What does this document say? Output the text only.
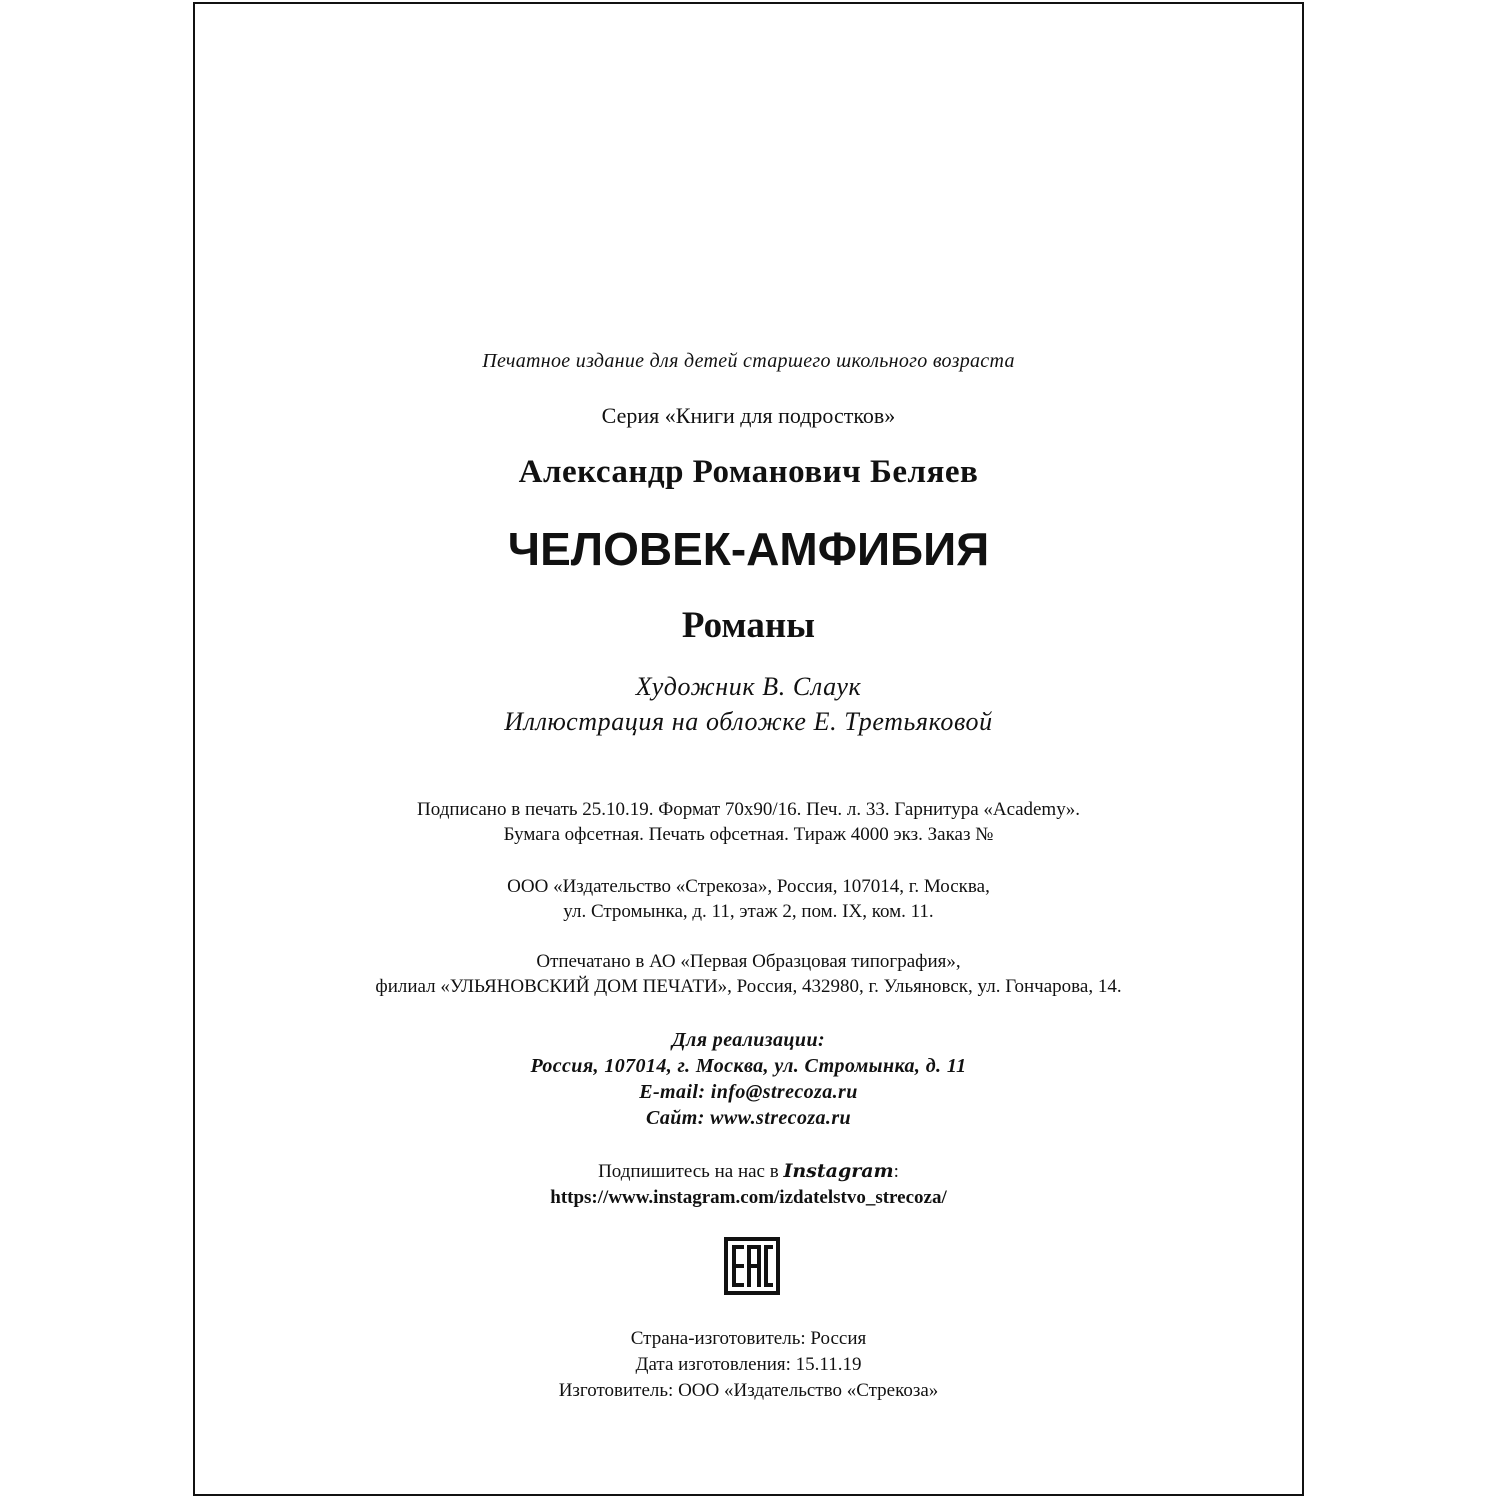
Печатное издание для детей старшего школьного возраста
Серия «Книги для подростков»
Александр Романович Беляев
ЧЕЛОВЕК-АМФИБИЯ
Романы
Художник В. Слаук
Иллюстрация на обложке Е. Третьяковой
Подписано в печать 25.10.19. Формат 70х90/16. Печ. л. 33. Гарнитура «Academy».
Бумага офсетная. Печать офсетная. Тираж 4000 экз. Заказ №
ООО «Издательство «Стрекоза», Россия, 107014, г. Москва,
ул. Стромынка, д. 11, этаж 2, пом. IX, ком. 11.
Отпечатано в АО «Первая Образцовая типография»,
филиал «УЛЬЯНОВСКИЙ ДОМ ПЕЧАТИ», Россия, 432980, г. Ульяновск, ул. Гончарова, 14.
Для реализации:
Россия, 107014, г. Москва, ул. Стромынка, д. 11
E-mail: info@strecoza.ru
Сайт: www.strecoza.ru
Подпишитесь на нас в Instagram:
https://www.instagram.com/izdatelstvo_strecoza/
Страна-изготовитель: Россия
Дата изготовления: 15.11.19
Изготовитель: ООО «Издательство «Стрекоза»
